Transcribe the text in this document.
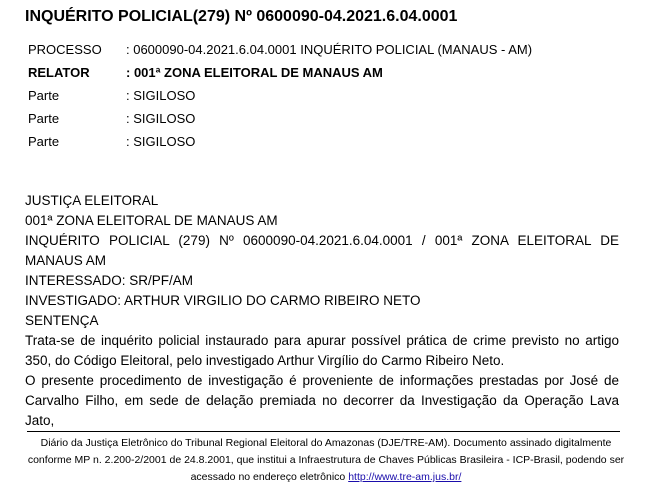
INQUÉRITO POLICIAL(279) Nº 0600090-04.2021.6.04.0001
PROCESSO	: 0600090-04.2021.6.04.0001 INQUÉRITO POLICIAL (MANAUS - AM)
RELATOR	: 001ª ZONA ELEITORAL DE MANAUS AM
Parte	: SIGILOSO
Parte	: SIGILOSO
Parte	: SIGILOSO

JUSTIÇA ELEITORAL

001ª ZONA ELEITORAL DE MANAUS AM

INQUÉRITO POLICIAL (279) Nº 0600090-04.2021.6.04.0001 / 001ª ZONA ELEITORAL DE MANAUS AM

INTERESSADO: SR/PF/AM

INVESTIGADO: ARTHUR VIRGILIO DO CARMO RIBEIRO NETO

SENTENÇA

Trata-se de inquérito policial instaurado para apurar possível prática de crime previsto no artigo 350, do Código Eleitoral, pelo investigado Arthur Virgílio do Carmo Ribeiro Neto.

O presente procedimento de investigação é proveniente de informações prestadas por José de Carvalho Filho, em sede de delação premiada no decorrer da Investigação da Operação Lava Jato,

Diário da Justiça Eletrônico do Tribunal Regional Eleitoral do Amazonas (DJE/TRE-AM). Documento assinado digitalmente conforme MP n. 2.200-2/2001 de 24.8.2001, que institui a Infraestrutura de Chaves Públicas Brasileira - ICP-Brasil, podendo ser acessado no endereço eletrônico http://www.tre-am.jus.br/
